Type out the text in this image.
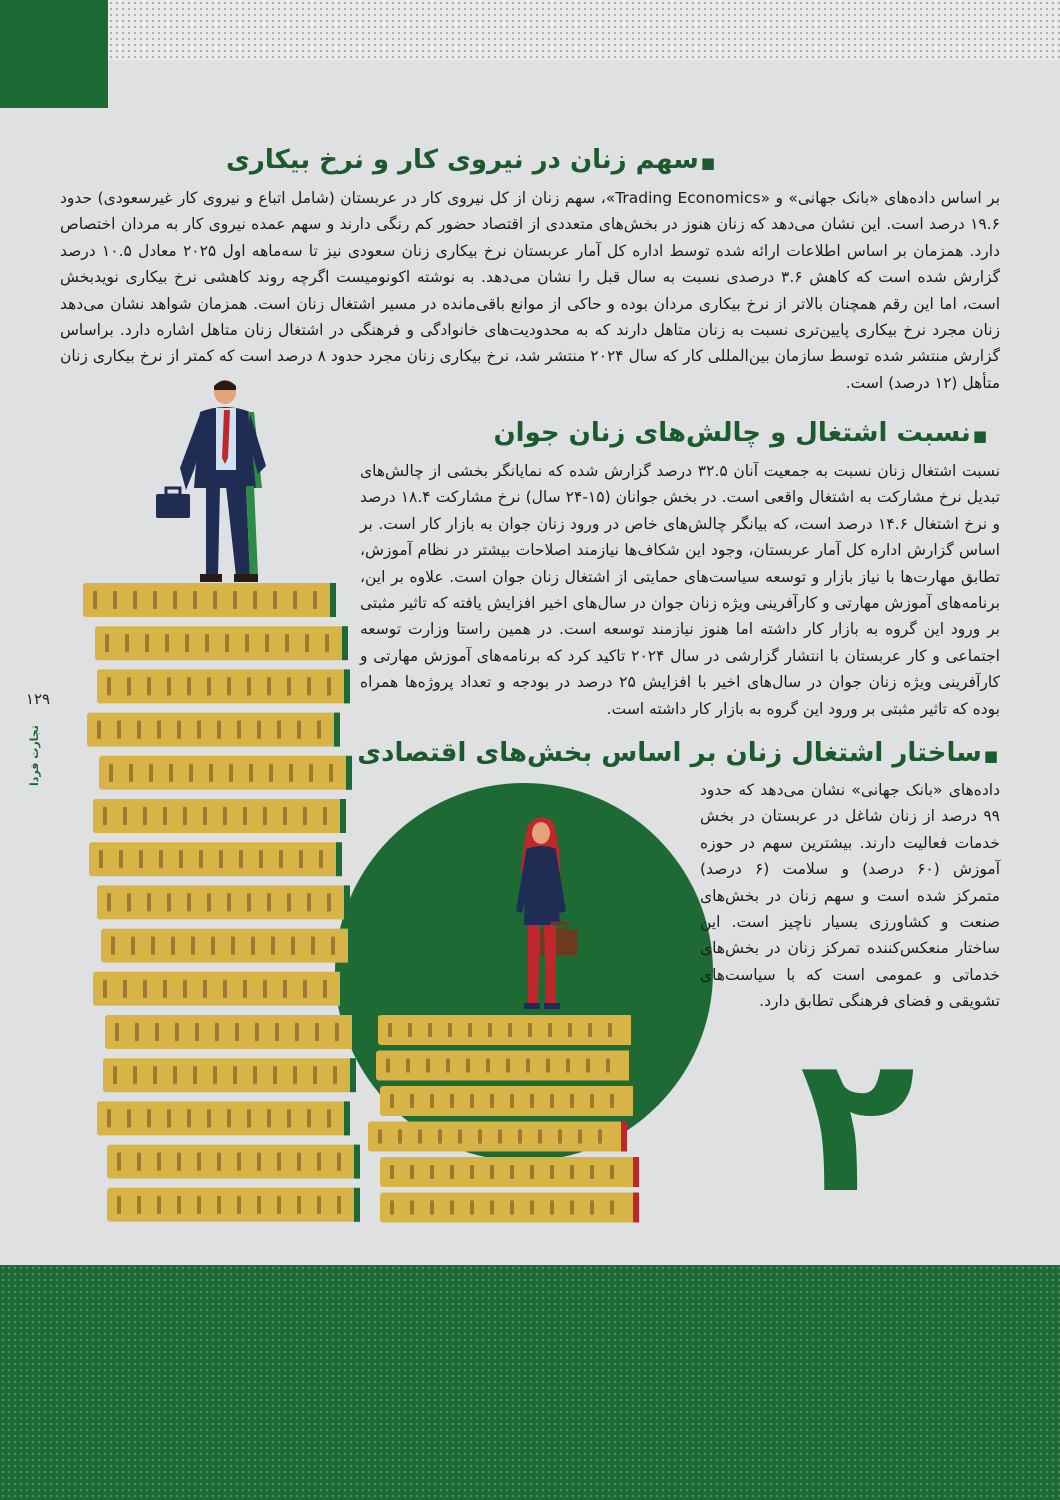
۲
۱۲۹
تجارت فردا
■ سهم زنان در نیروی کار و نرخ بیکاری

بر اساس داده‌های «بانک جهانی» و «Trading Economics»، سهم زنان از کل نیروی کار در عربستان (شامل اتباع و نیروی کار غیرسعودی) حدود ۱۹.۶ درصد است. این نشان می‌دهد که زنان هنوز در بخش‌های متعددی از اقتصاد حضور کم رنگی دارند و سهم عمده نیروی کار به مردان اختصاص دارد. همزمان بر اساس اطلاعات ارائه شده توسط اداره کل آمار عربستان نرخ بیکاری زنان سعودی نیز تا سه‌ماهه اول ۲۰۲۵ معادل ۱۰.۵ درصد گزارش شده است که کاهش ۳.۶ درصدی نسبت به سال قبل را نشان می‌دهد. به نوشته اکونومیست اگرچه روند کاهشی نرخ بیکاری نویدبخش است، اما این رقم همچنان بالاتر از نرخ بیکاری مردان بوده و حاکی از موانع باقی‌مانده در مسیر اشتغال زنان است. همزمان شواهد نشان می‌دهد زنان مجرد نرخ بیکاری پایین‌تری نسبت به زنان متاهل دارند که به محدودیت‌های خانوادگی و فرهنگی در اشتغال زنان متاهل اشاره دارد. براساس گزارش منتشر شده توسط سازمان بین‌المللی کار که سال ۲۰۲۴ منتشر شد، نرخ بیکاری زنان مجرد حدود ۸ درصد است که کمتر از نرخ بیکاری زنان متأهل (۱۲ درصد) است.

■ نسبت اشتغال و چالش‌های زنان جوان

نسبت اشتغال زنان نسبت به جمعیت آنان ۳۲.۵ درصد گزارش شده که نمایانگر بخشی از چالش‌های تبدیل نرخ مشارکت به اشتغال واقعی است. در بخش جوانان (۱۵-۲۴ سال) نرخ مشارکت ۱۸.۴ درصد و نرخ اشتغال ۱۴.۶ درصد است، که بیانگر چالش‌های خاص در ورود زنان جوان به بازار کار است. بر اساس گزارش اداره کل آمار عربستان، وجود این شکاف‌ها نیازمند اصلاحات بیشتر در نظام آموزش، تطابق مهارت‌ها با نیاز بازار و توسعه سیاست‌های حمایتی از اشتغال زنان جوان است. علاوه بر این، برنامه‌های آموزش مهارتی و کارآفرینی ویژه زنان جوان در سال‌های اخیر افزایش یافته که تاثیر مثبتی بر ورود این گروه به بازار کار داشته اما هنوز نیازمند توسعه است. در همین راستا وزارت توسعه اجتماعی و کار عربستان با انتشار گزارشی در سال ۲۰۲۴ تاکید کرد که برنامه‌های آموزش مهارتی و کارآفرینی ویژه زنان جوان در سال‌های اخیر با افزایش ۲۵ درصد در بودجه و تعداد پروژه‌ها همراه بوده که تاثیر مثبتی بر ورود این گروه به بازار کار داشته است.

■ ساختار اشتغال زنان بر اساس بخش‌های اقتصادی

داده‌های «بانک جهانی» نشان می‌دهد که حدود ۹۹ درصد از زنان شاغل در عربستان در بخش خدمات فعالیت دارند. بیشترین سهم در حوزه آموزش (۶۰ درصد) و سلامت (۶ درصد) متمرکز شده است و سهم زنان در بخش‌های صنعت و کشاورزی بسیار ناچیز است. این ساختار منعکس‌کننده تمرکز زنان در بخش‌های خدماتی و عمومی است که با سیاست‌های تشویقی و فضای فرهنگی تطابق دارد.
